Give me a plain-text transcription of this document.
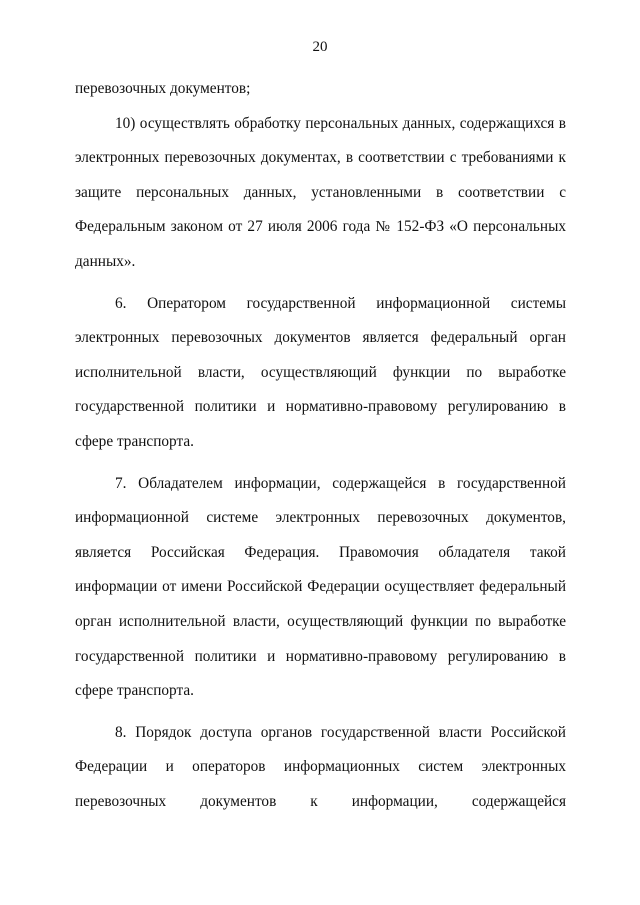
20

перевозочных документов;

10) осуществлять обработку персональных данных, содержащихся в электронных перевозочных документах, в соответствии с требованиями к защите персональных данных, установленными в соответствии с Федеральным законом от 27 июля 2006 года № 152-ФЗ «О персональных данных».

6. Оператором государственной информационной системы электронных перевозочных документов является федеральный орган исполнительной власти, осуществляющий функции по выработке государственной политики и нормативно-правовому регулированию в сфере транспорта.

7. Обладателем информации, содержащейся в государственной информационной системе электронных перевозочных документов, является Российская Федерация. Правомочия обладателя такой информации от имени Российской Федерации осуществляет федеральный орган исполнительной власти, осуществляющий функции по выработке государственной политики и нормативно-правовому регулированию в сфере транспорта.

8. Порядок доступа органов государственной власти Российской Федерации и операторов информационных систем электронных перевозочных документов к информации, содержащейся
